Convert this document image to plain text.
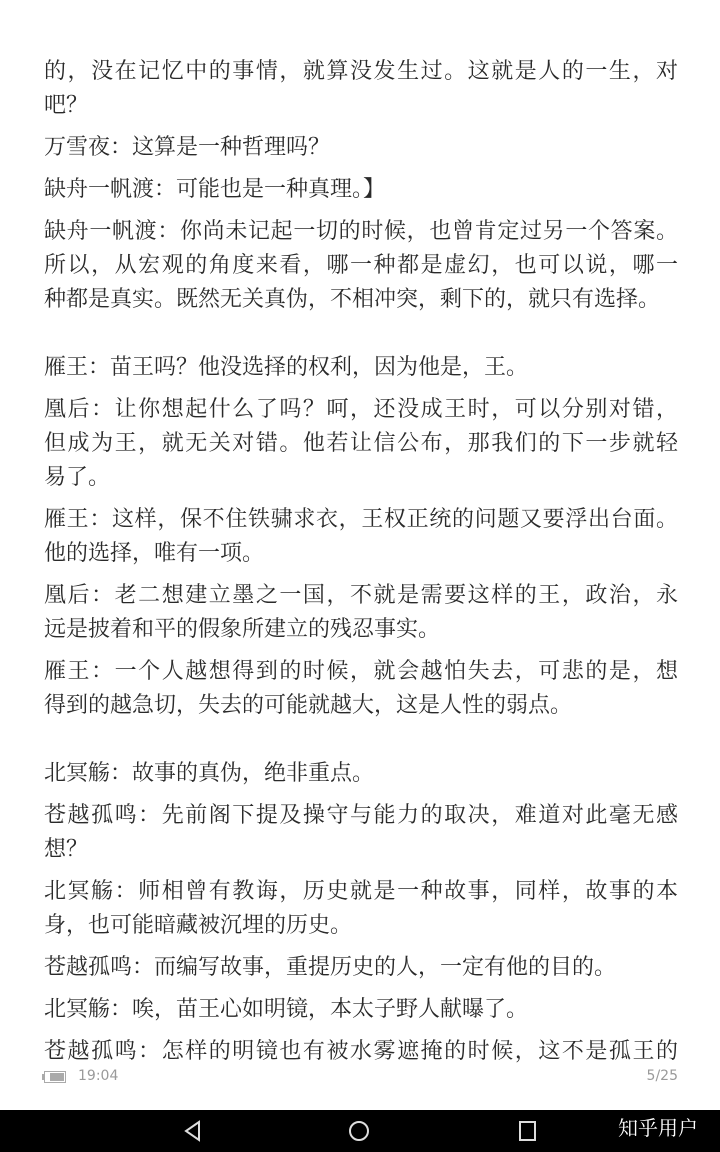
的，没在记忆中的事情，就算没发生过。这就是人的一生，对
吧？
万雪夜：这算是一种哲理吗？
缺舟一帆渡：可能也是一种真理。】
缺舟一帆渡：你尚未记起一切的时候，也曾肯定过另一个答案。
所以，从宏观的角度来看，哪一种都是虚幻，也可以说，哪一
种都是真实。既然无关真伪，不相冲突，剩下的，就只有选择。
雁王：苗王吗？他没选择的权利，因为他是，王。
凰后：让你想起什么了吗？呵，还没成王时，可以分别对错，
但成为王，就无关对错。他若让信公布，那我们的下一步就轻
易了。
雁王：这样，保不住铁骕求衣，王权正统的问题又要浮出台面。
他的选择，唯有一项。
凰后：老二想建立墨之一国，不就是需要这样的王，政治，永
远是披着和平的假象所建立的残忍事实。
雁王：一个人越想得到的时候，就会越怕失去，可悲的是，想
得到的越急切，失去的可能就越大，这是人性的弱点。
北冥觞：故事的真伪，绝非重点。
苍越孤鸣：先前阁下提及操守与能力的取决，难道对此毫无感
想？
北冥觞：师相曾有教诲，历史就是一种故事，同样，故事的本
身，也可能暗藏被沉埋的历史。
苍越孤鸣：而编写故事，重提历史的人，一定有他的目的。
北冥觞：唉，苗王心如明镜，本太子野人献曝了。
苍越孤鸣：怎样的明镜也有被水雾遮掩的时候，这不是孤王的
19:04	5/25
知乎用户
